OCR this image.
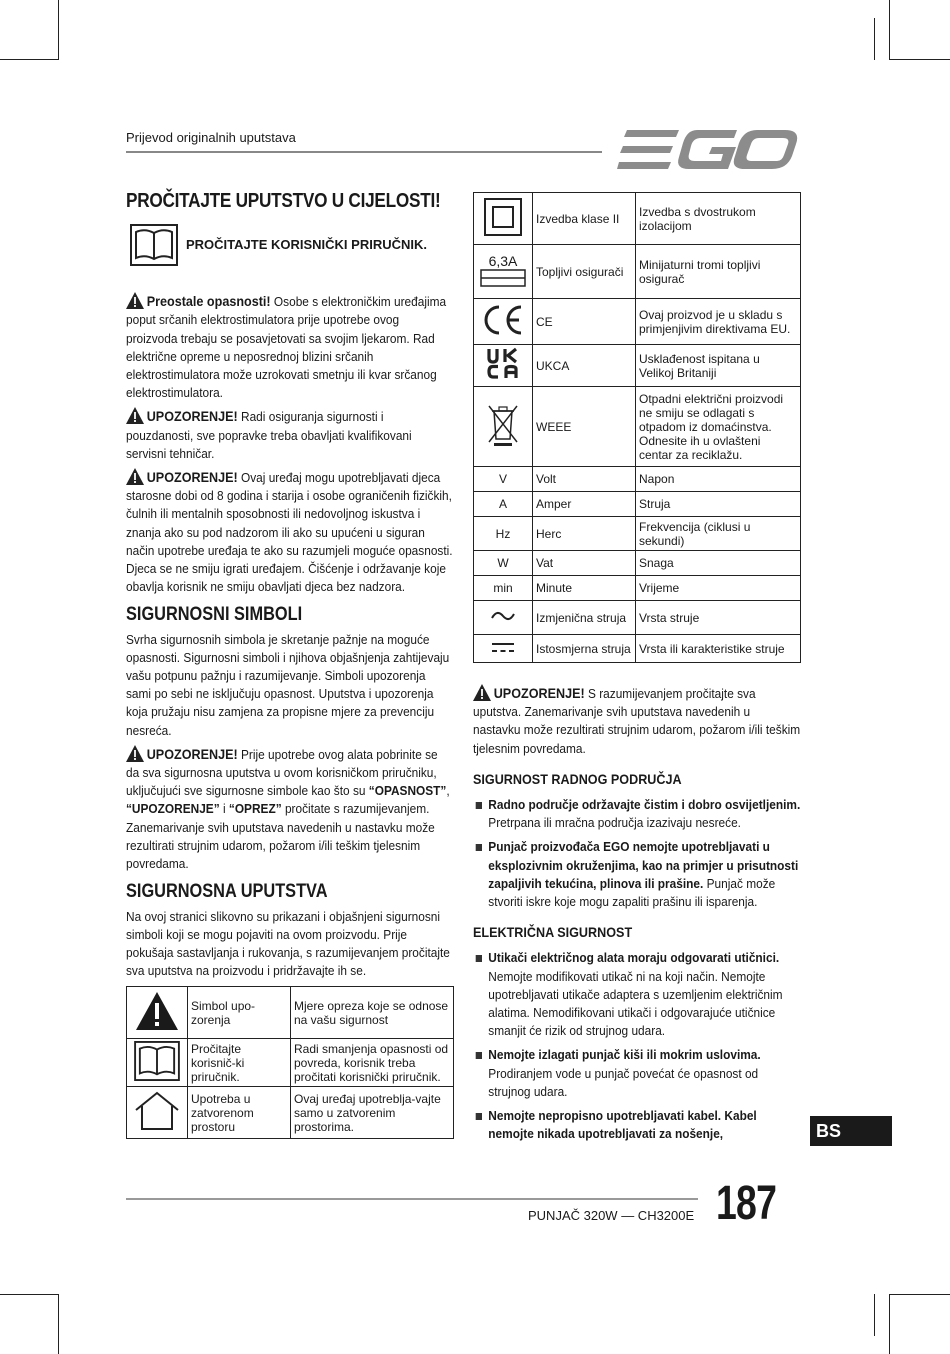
Prijevod originalnih uputstava
PROČITAJTE UPUTSTVO U CIJELOSTI!
PROČITAJTE KORISNIČKI PRIRUČNIK.

Preostale opasnosti! Osobe s elektroničkim uređajima poput srčanih elektrostimulatora prije upotrebe ovog proizvoda trebaju se posavjetovati sa svojim ljekarom. Rad električne opreme u neposrednoj blizini srčanih elektrostimulatora može uzrokovati smetnju ili kvar srčanog elektrostimulatora.

UPOZORENJE! Radi osiguranja sigurnosti i pouzdanosti, sve popravke treba obavljati kvalifikovani servisni tehničar.

UPOZORENJE! Ovaj uređaj mogu upotrebljavati djeca starosne dobi od 8 godina i starija i osobe ograničenih fizičkih, čulnih ili mentalnih sposobnosti ili nedovoljnog iskustva i znanja ako su pod nadzorom ili ako su upućeni u siguran način upotrebe uređaja te ako su razumjeli moguće opasnosti. Djeca se ne smiju igrati uređajem. Čišćenje i održavanje koje obavlja korisnik ne smiju obavljati djeca bez nadzora.

SIGURNOSNI SIMBOLI

Svrha sigurnosnih simbola je skretanje pažnje na moguće opasnosti. Sigurnosni simboli i njihova objašnjenja zahtijevaju vašu potpunu pažnju i razumijevanje. Simboli upozorenja sami po sebi ne isključuju opasnost. Uputstva i upozorenja koja pružaju nisu zamjena za propisne mjere za prevenciju nesreća.

UPOZORENJE! Prije upotrebe ovog alata pobrinite se da sva sigurnosna uputstva u ovom korisničkom priručniku, uključujući sve sigurnosne simbole kao što su “OPASNOST”, “UPOZORENJE” i “OPREZ” pročitate s razumijevanjem. Zanemarivanje svih uputstava navedenih u nastavku može rezultirati strujnim udarom, požarom i/ili teškim tjelesnim povredama.

SIGURNOSNA UPUTSTVA

Na ovoj stranici slikovno su prikazani i objašnjeni sigurnosni simboli koji se mogu pojaviti na ovom proizvodu. Prije pokušaja sastavljanja i rukovanja, s razumijevanjem pročitajte sva uputstva na proizvodu i pridržavajte ih se.

	Simbol upo-zorenja	Mjere opreza koje se odnose na vašu sigurnost
	Pročitajte korisnič-ki priručnik.	Radi smanjenja opasnosti od povreda, korisnik treba pročitati korisnički priručnik.
	Upotreba u zatvorenom prostoru	Ovaj uređaj upotreblja-vajte samo u zatvorenim prostorima.
	Izvedba klase II	Izvedba s dvostrukom izolacijom

6,3A	Topljivi osigurači	Minijaturni tromi topljivi osigurač
	CE	Ovaj proizvod je u skladu s primjenjivim direktivama EU.
	UKCA	Usklađenost ispitana u Velikoj Britaniji
	WEEE	Otpadni električni proizvodi ne smiju se odlagati s otpadom iz domaćinstva. Odnesite ih u ovlašteni centar za reciklažu.
V	Volt	Napon
A	Amper	Struja
Hz	Herc	Frekvencija (ciklusi u sekundi)
W	Vat	Snaga
min	Minute	Vrijeme
	Izmjenična struja	Vrsta struje
	Istosmjerna struja	Vrsta ili karakteristike struje

UPOZORENJE! S razumijevanjem pročitajte sva uputstva. Zanemarivanje svih uputstava navedenih u nastavku može rezultirati strujnim udarom, požarom i/ili teškim tjelesnim povredama.

SIGURNOST RADNOG PODRUČJA
Radno područje održavajte čistim i dobro osvijetljenim. Pretrpana ili mračna područja izazivaju nesreće.
Punjač proizvođača EGO nemojte upotrebljavati u eksplozivnim okruženjima, kao na primjer u prisutnosti zapaljivih tekućina, plinova ili prašine. Punjač može stvoriti iskre koje mogu zapaliti prašinu ili isparenja.
ELEKTRIČNA SIGURNOST
Utikači električnog alata moraju odgovarati utičnici. Nemojte modifikovati utikač ni na koji način. Nemojte upotrebljavati utikače adaptera s uzemljenim električnim alatima. Nemodifikovani utikači i odgovarajuće utičnice smanjit će rizik od strujnog udara.
Nemojte izlagati punjač kiši ili mokrim uslovima. Prodiranjem vode u punjač povećat će opasnost od strujnog udara.
Nemojte nepropisno upotrebljavati kabel. Kabel nemojte nikada upotrebljavati za nošenje,	BS
PUNJAČ 320W — CH3200E 187
